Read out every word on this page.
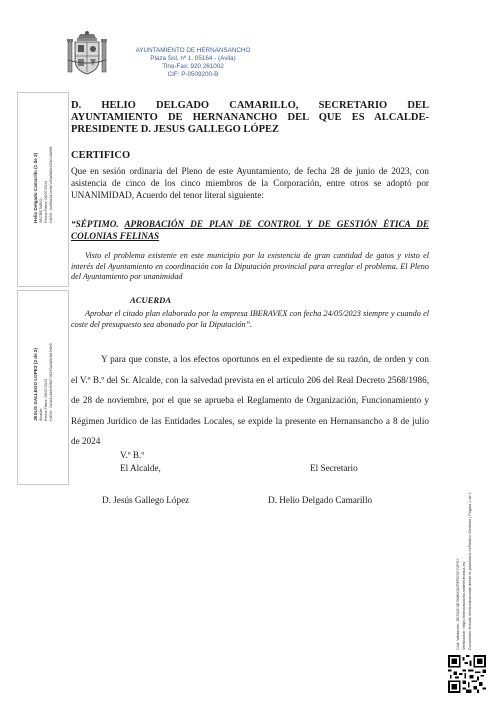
AYUNTAMIENTO DE HERNANSANCHO
Plaza Sol, nº 1. 05164 - (Avila)
Tlno-Fax: 920 261002
CIF: P-0509200-B
Helio Delgado Camarillo (1 de 2) SECRETARIO Fecha Firma: 08/07/2024 HASH: 3c8f6a2d1e0b7c94a5d6e3f2b1c0a9f8
JESUS GALLEGO LOPEZ (2 de 2) Alcalde Fecha Firma: 08/07/2024 HASH: 7a1b2c3d4e5f60718293a4b5c6d7e8f9
Cód. Validación: 3EZA3C3E7MWXXDRFRC9CY2PSY Verificación: https://hernansancho.sedelectronica.es/ Documento firmado electrónicamente desde la plataforma esPublico Gestiona | Página 1 de 1

D. HELIO DELGADO CAMARILLO, SECRETARIO DEL AYUNTAMIENTO DE HERNANANCHO DEL QUE ES ALCALDE- PRESIDENTE D. JESUS GALLEGO LÓPEZ

CERTIFICO

Que en sesión ordinaria del Pleno de este Ayuntamiento, de fecha 28 de junio de 2023, con asistencia de cinco de los cinco miembros de la Corporación, entre otros se adoptó por UNANIMIDAD, Acuerdo del tenor literal siguiente:

“SÉPTIMO. APROBACIÓN DE PLAN DE CONTROL Y DE GESTIÓN ÉTICA DE COLONIAS FELINAS

Visto el problema existente en este municipio por la existencia de gran cantidad de gatos y visto el interés del Ayuntamiento en coordinación con la Diputación provincial para arreglar el problema. El Pleno del Ayuntamiento por unanimidad

ACUERDA

Aprobar el citado plan elaborado por la empresa IBERAVEX con fecha 24/05/2023 siempre y cuando el coste del presupuesto sea abonado por la Diputación”.

Y para que conste, a los efectos oportunos en el expediente de su razón, de orden y con el V.º B.º del Sr. Alcalde, con la salvedad prevista en el artículo 206 del Real Decreto 2568/1986, de 28 de noviembre, por el que se aprueba el Reglamento de Organización, Funcionamiento y Régimen Jurídico de las Entidades Locales, se expide la presente en Hernansancho a 8 de julio de 2024

V.º B.º

El Alcalde,	El Secretario

D. Jesús Gallego López	D. Helio Delgado Camarillo
